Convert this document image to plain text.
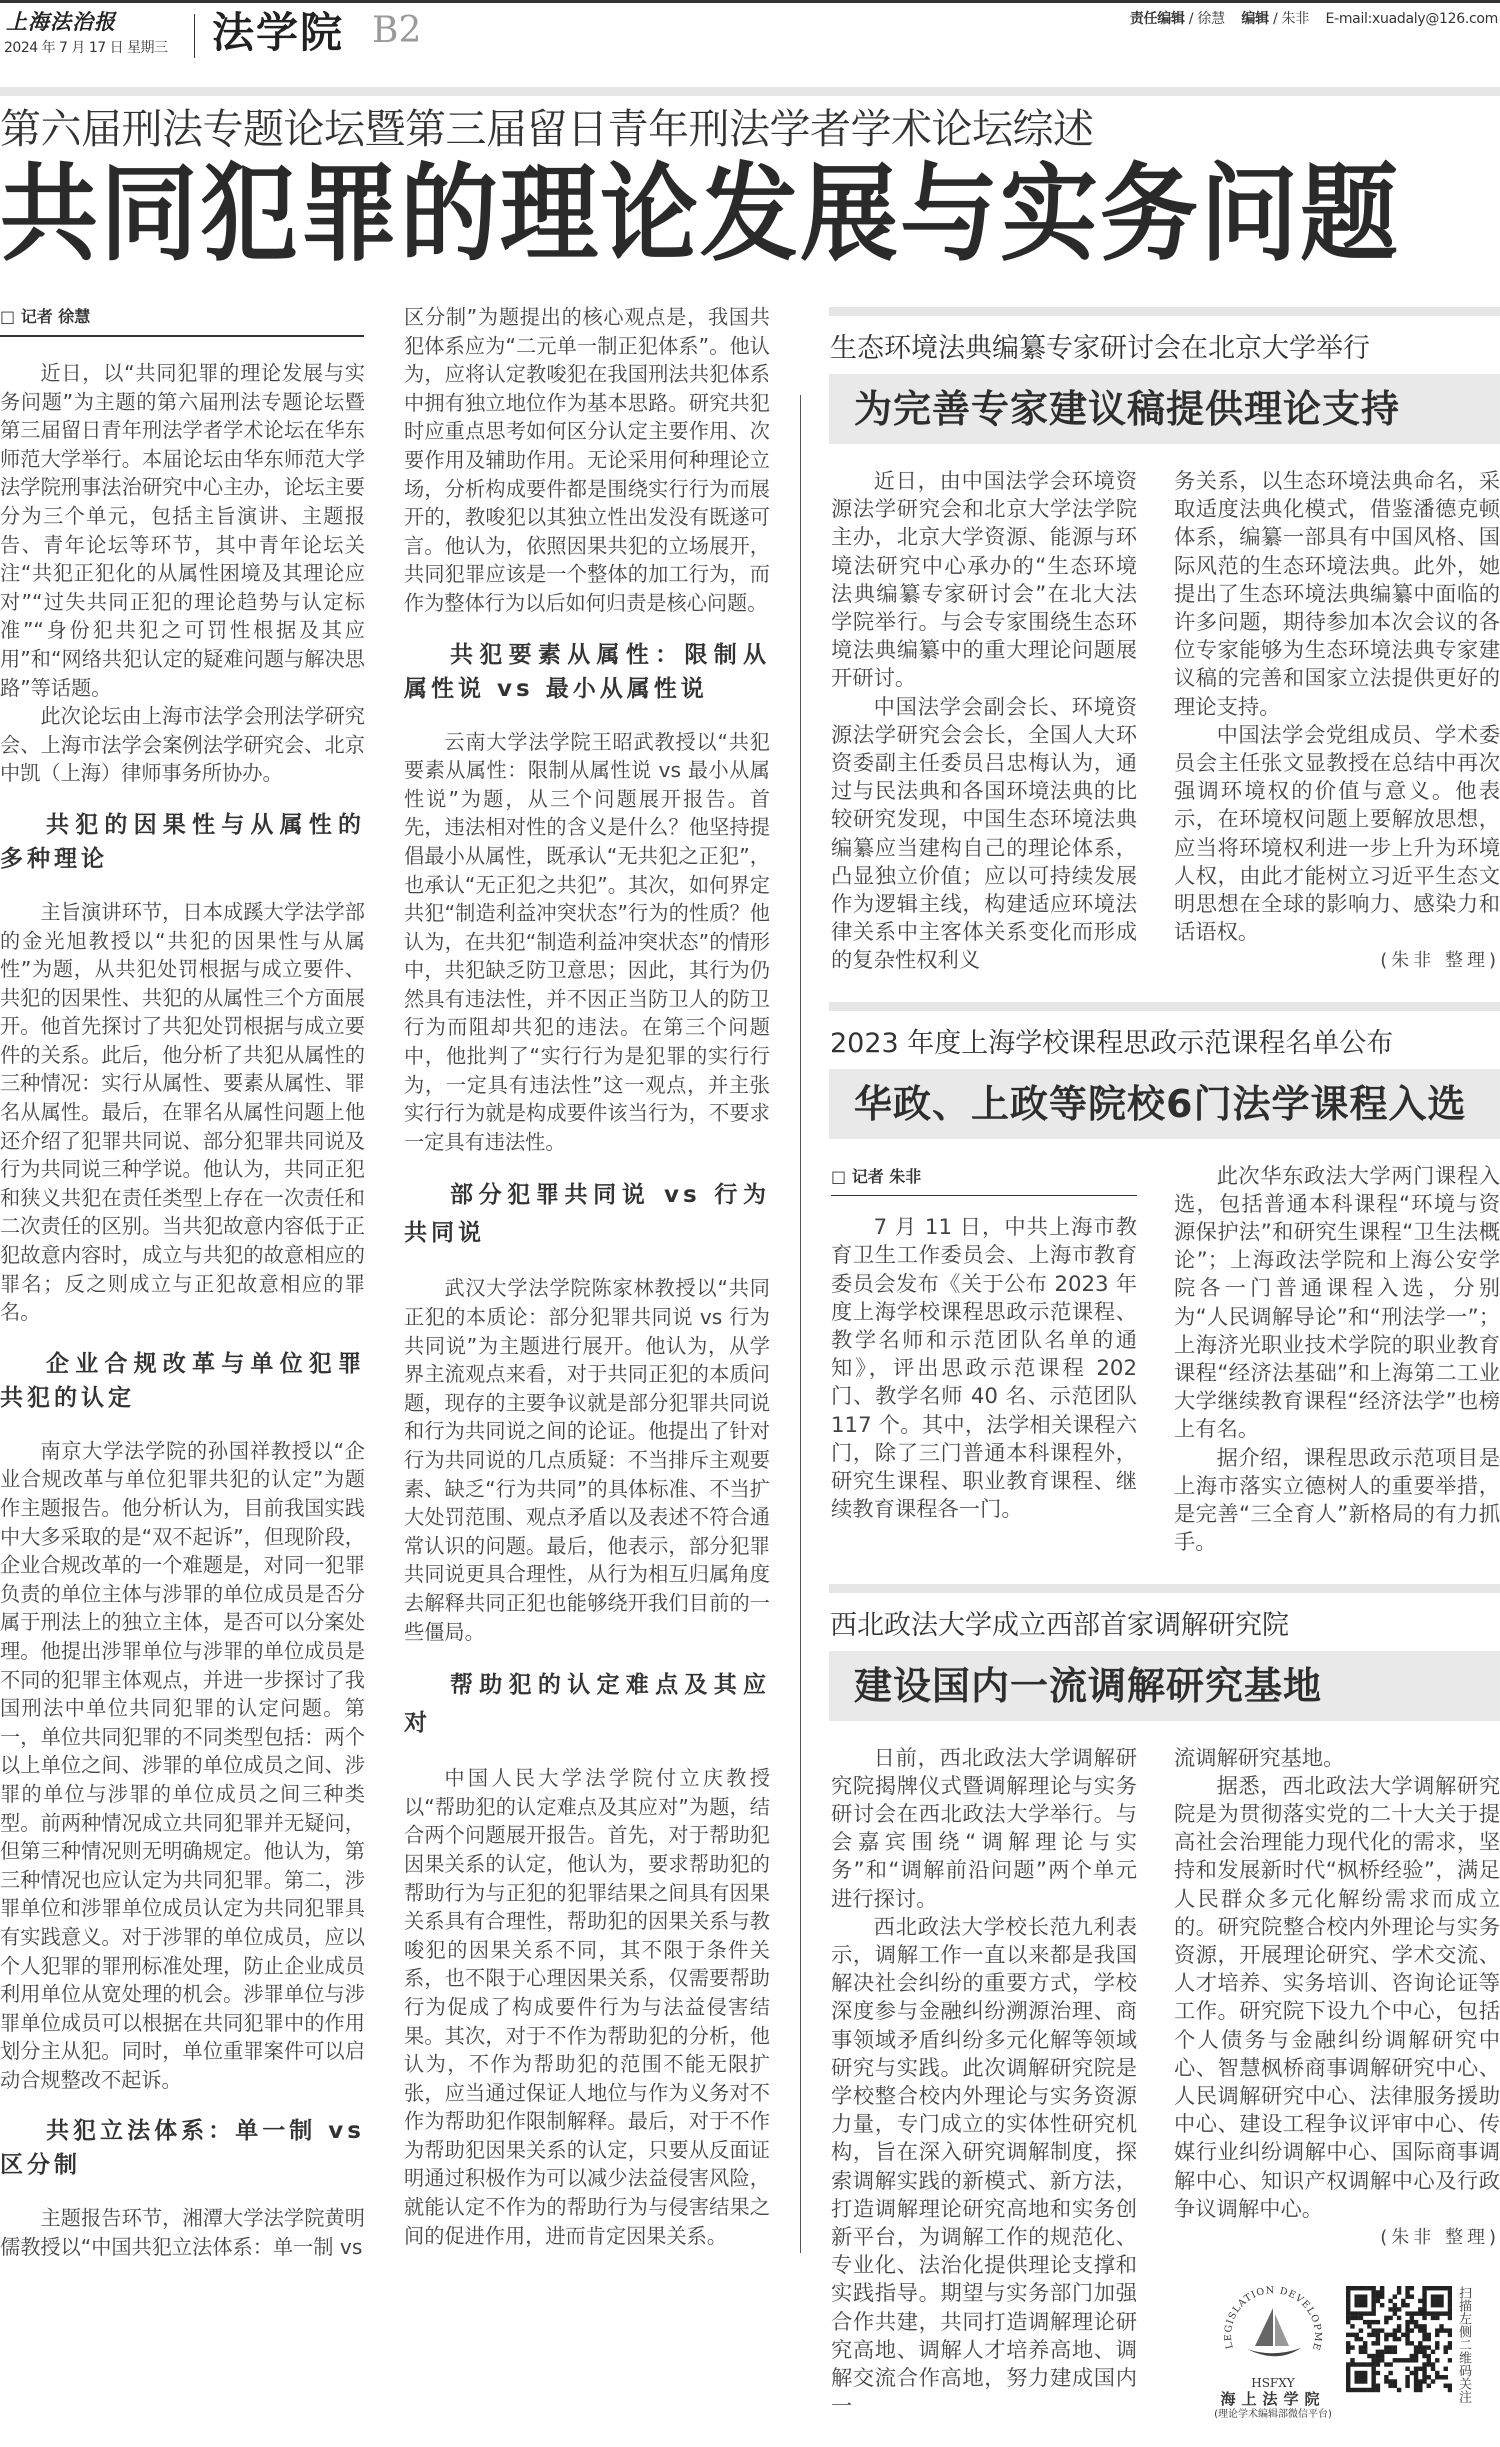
上海法治报
2024 年 7 月 17 日 星期三 法学院 B2	责任编辑 / 徐慧 编辑 / 朱非 E-mail:xuadaly@126.com
第六届刑法专题论坛暨第三届留日青年刑法学者学术论坛综述
共同犯罪的理论发展与实务问题
□ 记者 徐慧

近日，以“共同犯罪的理论发展与实务问题”为主题的第六届刑法专题论坛暨第三届留日青年刑法学者学术论坛在华东师范大学举行。本届论坛由华东师范大学法学院刑事法治研究中心主办，论坛主要分为三个单元，包括主旨演讲、主题报告、青年论坛等环节，其中青年论坛关注“共犯正犯化的从属性困境及其理论应对”“过失共同正犯的理论趋势与认定标准”“身份犯共犯之可罚性根据及其应用”和“网络共犯认定的疑难问题与解决思路”等话题。

此次论坛由上海市法学会刑法学研究会、上海市法学会案例法学研究会、北京中凯（上海）律师事务所协办。

共犯的因果性与从属性的多种理论

主旨演讲环节，日本成蹊大学法学部的金光旭教授以“共犯的因果性与从属性”为题，从共犯处罚根据与成立要件、共犯的因果性、共犯的从属性三个方面展开。他首先探讨了共犯处罚根据与成立要件的关系。此后，他分析了共犯从属性的三种情况：实行从属性、要素从属性、罪名从属性。最后，在罪名从属性问题上他还介绍了犯罪共同说、部分犯罪共同说及行为共同说三种学说。他认为，共同正犯和狭义共犯在责任类型上存在一次责任和二次责任的区别。当共犯故意内容低于正犯故意内容时，成立与共犯的故意相应的罪名；反之则成立与正犯故意相应的罪名。

企业合规改革与单位犯罪共犯的认定

南京大学法学院的孙国祥教授以“企业合规改革与单位犯罪共犯的认定”为题作主题报告。他分析认为，目前我国实践中大多采取的是“双不起诉”，但现阶段，企业合规改革的一个难题是，对同一犯罪负责的单位主体与涉罪的单位成员是否分属于刑法上的独立主体，是否可以分案处理。他提出涉罪单位与涉罪的单位成员是不同的犯罪主体观点，并进一步探讨了我国刑法中单位共同犯罪的认定问题。第一，单位共同犯罪的不同类型包括：两个以上单位之间、涉罪的单位成员之间、涉罪的单位与涉罪的单位成员之间三种类型。前两种情况成立共同犯罪并无疑问，但第三种情况则无明确规定。他认为，第三种情况也应认定为共同犯罪。第二，涉罪单位和涉罪单位成员认定为共同犯罪具有实践意义。对于涉罪的单位成员，应以个人犯罪的罪刑标准处理，防止企业成员利用单位从宽处理的机会。涉罪单位与涉罪单位成员可以根据在共同犯罪中的作用划分主从犯。同时，单位重罪案件可以启动合规整改不起诉。

共犯立法体系：单一制 vs 区分制

主题报告环节，湘潭大学法学院黄明儒教授以“中国共犯立法体系：单一制 vs

区分制”为题提出的核心观点是，我国共犯体系应为“二元单一制正犯体系”。他认为，应将认定教唆犯在我国刑法共犯体系中拥有独立地位作为基本思路。研究共犯时应重点思考如何区分认定主要作用、次要作用及辅助作用。无论采用何种理论立场，分析构成要件都是围绕实行行为而展开的，教唆犯以其独立性出发没有既遂可言。他认为，依照因果共犯的立场展开，共同犯罪应该是一个整体的加工行为，而作为整体行为以后如何归责是核心问题。

共犯要素从属性：限制从属性说 vs 最小从属性说

云南大学法学院王昭武教授以“共犯要素从属性：限制从属性说 vs 最小从属性说”为题，从三个问题展开报告。首先，违法相对性的含义是什么？他坚持提倡最小从属性，既承认“无共犯之正犯”，也承认“无正犯之共犯”。其次，如何界定共犯“制造利益冲突状态”行为的性质？他认为，在共犯“制造利益冲突状态”的情形中，共犯缺乏防卫意思；因此，其行为仍然具有违法性，并不因正当防卫人的防卫行为而阻却共犯的违法。在第三个问题中，他批判了“实行行为是犯罪的实行行为，一定具有违法性”这一观点，并主张实行行为就是构成要件该当行为，不要求一定具有违法性。

部分犯罪共同说 vs 行为共同说

武汉大学法学院陈家林教授以“共同正犯的本质论：部分犯罪共同说 vs 行为共同说”为主题进行展开。他认为，从学界主流观点来看，对于共同正犯的本质问题，现存的主要争议就是部分犯罪共同说和行为共同说之间的论证。他提出了针对行为共同说的几点质疑：不当排斥主观要素、缺乏“行为共同”的具体标准、不当扩大处罚范围、观点矛盾以及表述不符合通常认识的问题。最后，他表示，部分犯罪共同说更具合理性，从行为相互归属角度去解释共同正犯也能够绕开我们目前的一些僵局。

帮助犯的认定难点及其应对

中国人民大学法学院付立庆教授以“帮助犯的认定难点及其应对”为题，结合两个问题展开报告。首先，对于帮助犯因果关系的认定，他认为，要求帮助犯的帮助行为与正犯的犯罪结果之间具有因果关系具有合理性，帮助犯的因果关系与教唆犯的因果关系不同，其不限于条件关系，也不限于心理因果关系，仅需要帮助行为促成了构成要件行为与法益侵害结果。其次，对于不作为帮助犯的分析，他认为，不作为帮助犯的范围不能无限扩张，应当通过保证人地位与作为义务对不作为帮助犯作限制解释。最后，对于不作为帮助犯因果关系的认定，只要从反面证明通过积极作为可以减少法益侵害风险，就能认定不作为的帮助行为与侵害结果之间的促进作用，进而肯定因果关系。

生态环境法典编纂专家研讨会在北京大学举行
为完善专家建议稿提供理论支持

近日，由中国法学会环境资源法学研究会和北京大学法学院主办，北京大学资源、能源与环境法研究中心承办的“生态环境法典编纂专家研讨会”在北大法学院举行。与会专家围绕生态环境法典编纂中的重大理论问题展开研讨。

中国法学会副会长、环境资源法学研究会会长，全国人大环资委副主任委员吕忠梅认为，通过与民法典和各国环境法典的比较研究发现，中国生态环境法典编纂应当建构自己的理论体系，凸显独立价值；应以可持续发展作为逻辑主线，构建适应环境法律关系中主客体关系变化而形成的复杂性权利义

务关系，以生态环境法典命名，采取适度法典化模式，借鉴潘德克顿体系，编纂一部具有中国风格、国际风范的生态环境法典。此外，她提出了生态环境法典编纂中面临的许多问题，期待参加本次会议的各位专家能够为生态环境法典专家建议稿的完善和国家立法提供更好的理论支持。

中国法学会党组成员、学术委员会主任张文显教授在总结中再次强调环境权的价值与意义。他表示，在环境权问题上要解放思想，应当将环境权利进一步上升为环境人权，由此才能树立习近平生态文明思想在全球的影响力、感染力和话语权。

(朱非 整理)
2023 年度上海学校课程思政示范课程名单公布
华政、上政等院校6门法学课程入选
□ 记者 朱非

7 月 11 日，中共上海市教育卫生工作委员会、上海市教育委员会发布《关于公布 2023 年度上海学校课程思政示范课程、教学名师和示范团队名单的通知》，评出思政示范课程 202 门、教学名师 40 名、示范团队 117 个。其中，法学相关课程六门，除了三门普通本科课程外，研究生课程、职业教育课程、继续教育课程各一门。

此次华东政法大学两门课程入选，包括普通本科课程“环境与资源保护法”和研究生课程“卫生法概论”；上海政法学院和上海公安学院各一门普通课程入选，分别为“人民调解导论”和“刑法学一”；上海济光职业技术学院的职业教育课程“经济法基础”和上海第二工业大学继续教育课程“经济法学”也榜上有名。

据介绍，课程思政示范项目是上海市落实立德树人的重要举措，是完善“三全育人”新格局的有力抓手。

西北政法大学成立西部首家调解研究院
建设国内一流调解研究基地

日前，西北政法大学调解研究院揭牌仪式暨调解理论与实务研讨会在西北政法大学举行。与会嘉宾围绕“调解理论与实务”和“调解前沿问题”两个单元进行探讨。

西北政法大学校长范九利表示，调解工作一直以来都是我国解决社会纠纷的重要方式，学校深度参与金融纠纷溯源治理、商事领域矛盾纠纷多元化解等领域研究与实践。此次调解研究院是学校整合校内外理论与实务资源力量，专门成立的实体性研究机构，旨在深入研究调解制度，探索调解实践的新模式、新方法，打造调解理论研究高地和实务创新平台，为调解工作的规范化、专业化、法治化提供理论支撑和实践指导。期望与实务部门加强合作共建，共同打造调解理论研究高地、调解人才培养高地、调解交流合作高地，努力建成国内一

流调解研究基地。

据悉，西北政法大学调解研究院是为贯彻落实党的二十大关于提高社会治理能力现代化的需求，坚持和发展新时代“枫桥经验”，满足人民群众多元化解纷需求而成立的。研究院整合校内外理论与实务资源，开展理论研究、学术交流、人才培养、实务培训、咨询论证等工作。研究院下设九个中心，包括个人债务与金融纠纷调解研究中心、智慧枫桥商事调解研究中心、人民调解研究中心、法律服务援助中心、建设工程争议评审中心、传媒行业纠纷调解中心、国际商事调解中心、知识产权调解中心及行政争议调解中心。

(朱非 整理)
LEGISLATION DEVELOPME
HSFXY
海上法学院
(理论学术编辑部微信平台)
扫描左侧二维码关注
